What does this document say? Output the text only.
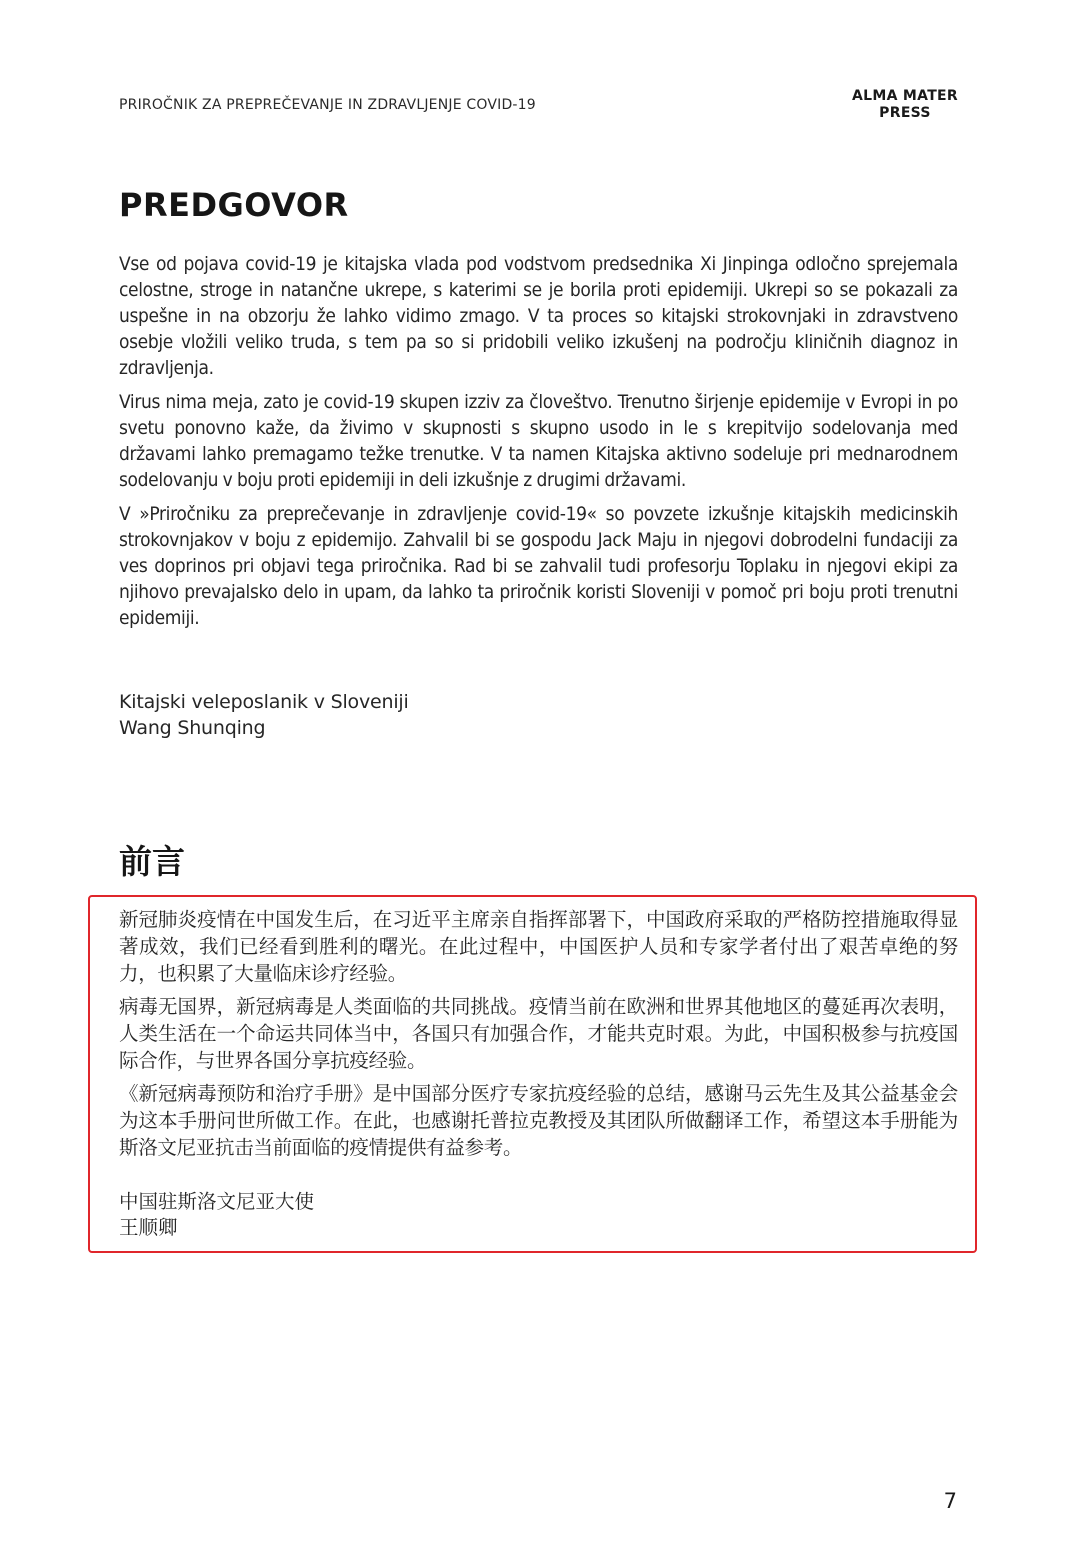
PRIROČNIK ZA PREPREČEVANJE IN ZDRAVLJENJE COVID-19
ALMA MATER
PRESS
PREDGOVOR

Vse od pojava covid-19 je kitajska vlada pod vodstvom predsednika Xi Jinpinga odločno sprejemala celostne, stroge in natančne ukrepe, s katerimi se je borila proti epidemiji. Ukrepi so se pokazali za uspešne in na obzorju že lahko vidimo zmago. V ta proces so kitajski strokovnjaki in zdravstveno osebje vložili veliko truda, s tem pa so si pridobili veliko izkušenj na področju kliničnih diagnoz in zdravljenja.

Virus nima meja, zato je covid-19 skupen izziv za človeštvo. Trenutno širjenje epidemije v Evropi in po svetu ponovno kaže, da živimo v skupnosti s skupno usodo in le s krepitvijo sodelovanja med državami lahko premagamo težke trenutke. V ta namen Kitajska aktivno sodeluje pri mednarodnem sodelovanju v boju proti epidemiji in deli izkušnje z drugimi državami.

V »Priročniku za preprečevanje in zdravljenje covid-19« so povzete izkušnje kitajskih medicinskih strokovnjakov v boju z epidemijo. Zahvalil bi se gospodu Jack Maju in njegovi dobrodelni fundaciji za ves doprinos pri objavi tega priročnika. Rad bi se zahvalil tudi profesorju Toplaku in njegovi ekipi za njihovo prevajalsko delo in upam, da lahko ta priročnik koristi Sloveniji v pomoč pri boju proti trenutni epidemiji.

Kitajski veleposlanik v Sloveniji
Wang Shunqing
前言

新冠肺炎疫情在中国发生后，在习近平主席亲自指挥部署下，中国政府采取的严格防控措施取得显著成效，我们已经看到胜利的曙光。在此过程中，中国医护人员和专家学者付出了艰苦卓绝的努力，也积累了大量临床诊疗经验。

病毒无国界，新冠病毒是人类面临的共同挑战。疫情当前在欧洲和世界其他地区的蔓延再次表明，人类生活在一个命运共同体当中，各国只有加强合作，才能共克时艰。为此，中国积极参与抗疫国际合作，与世界各国分享抗疫经验。

《新冠病毒预防和治疗手册》是中国部分医疗专家抗疫经验的总结，感谢马云先生及其公益基金会为这本手册问世所做工作。在此，也感谢托普拉克教授及其团队所做翻译工作，希望这本手册能为斯洛文尼亚抗击当前面临的疫情提供有益参考。

中国驻斯洛文尼亚大使
王顺卿
7
